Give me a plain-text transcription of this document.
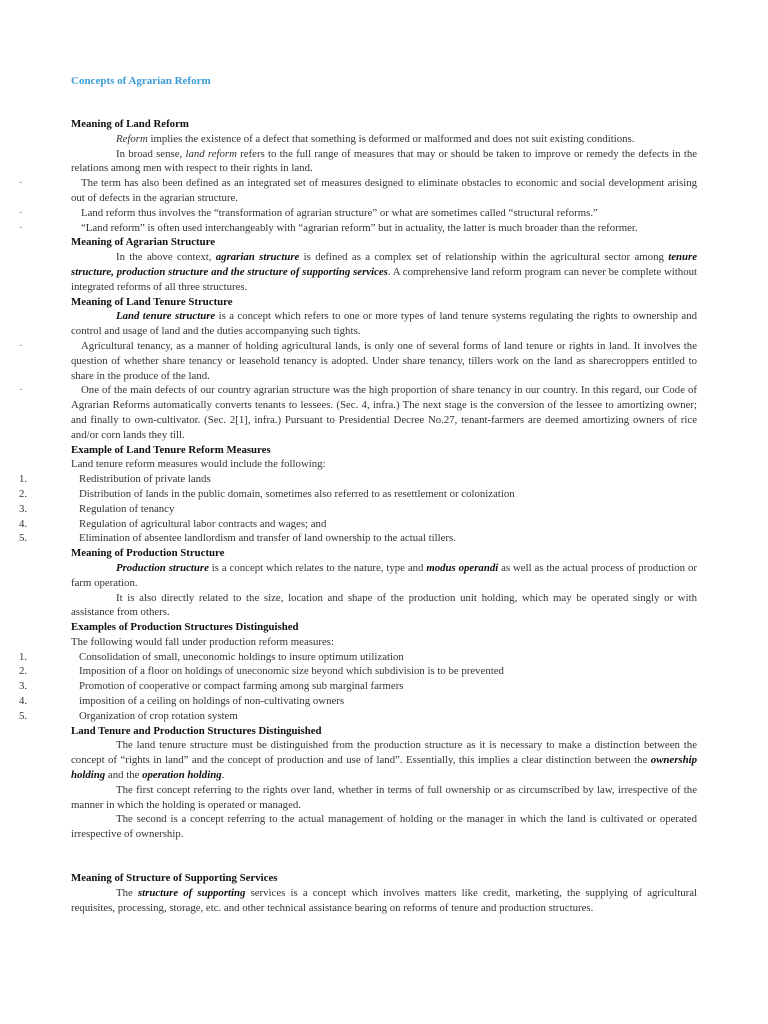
Concepts of Agrarian Reform

Meaning of Land Reform

Reform implies the existence of a defect that something is deformed or malformed and does not suit existing conditions.

In broad sense, land reform refers to the full range of measures that may or should be taken to improve or remedy the defects in the relations among men with respect to their rights in land.

· The term has also been defined as an integrated set of measures designed to eliminate obstacles to economic and social development arising out of defects in the agrarian structure.

· Land reform thus involves the “transformation of agrarian structure” or what are sometimes called “structural reforms.”

· “Land reform” is often used interchangeably with “agrarian reform” but in actuality, the latter is much broader than the reformer.

Meaning of Agrarian Structure

In the above context, agrarian structure is defined as a complex set of relationship within the agricultural sector among tenure structure, production structure and the structure of supporting services. A comprehensive land reform program can never be complete without integrated reforms of all three structures.

Meaning of Land Tenure Structure

Land tenure structure is a concept which refers to one or more types of land tenure systems regulating the rights to ownership and control and usage of land and the duties accompanying such tights.

· Agricultural tenancy, as a manner of holding agricultural lands, is only one of several forms of land tenure or rights in land. It involves the question of whether share tenancy or leasehold tenancy is adopted. Under share tenancy, tillers work on the land as sharecroppers entitled to share in the produce of the land.

· One of the main defects of our country agrarian structure was the high proportion of share tenancy in our country. In this regard, our Code of Agrarian Reforms automatically converts tenants to lessees. (Sec. 4, infra.) The next stage is the conversion of the lessee to amortizing owner; and finally to own-cultivator. (Sec. 2[1], infra.) Pursuant to Presidential Decree No.27, tenant-farmers are deemed amortizing owners of rice and/or corn lands they till.

Example of Land Tenure Reform Measures

Land tenure reform measures would include the following:

1.	Redistribution of private lands
2.	Distribution of lands in the public domain, sometimes also referred to as resettlement or colonization
3.	Regulation of tenancy
4.	Regulation of agricultural labor contracts and wages; and
5.	Elimination of absentee landlordism and transfer of land ownership to the actual tillers.

Meaning of Production Structure

Production structure is a concept which relates to the nature, type and modus operandi as well as the actual process of production or farm operation.

It is also directly related to the size, location and shape of the production unit holding, which may be operated singly or with assistance from others.

Examples of Production Structures Distinguished

The following would fall under production reform measures:

1.	Consolidation of small, uneconomic holdings to insure optimum utilization
2.	Imposition of a floor on holdings of uneconomic size beyond which subdivision is to be prevented
3.	Promotion of cooperative or compact farming among sub marginal farmers
4.	imposition of a ceiling on holdings of non-cultivating owners
5.	Organization of crop rotation system

Land Tenure and Production Structures Distinguished

The land tenure structure must be distinguished from the production structure as it is necessary to make a distinction between the concept of “rights in land” and the concept of production and use of land”. Essentially, this implies a clear distinction between the ownership holding and the operation holding.

The first concept referring to the rights over land, whether in terms of full ownership or as circumscribed by law, irrespective of the manner in which the holding is operated or managed.

The second is a concept referring to the actual management of holding or the manager in which the land is cultivated or operated irrespective of ownership.

Meaning of Structure of Supporting Services

The structure of supporting services is a concept which involves matters like credit, marketing, the supplying of agricultural requisites, processing, storage, etc. and other technical assistance bearing on reforms of tenure and production structures.
